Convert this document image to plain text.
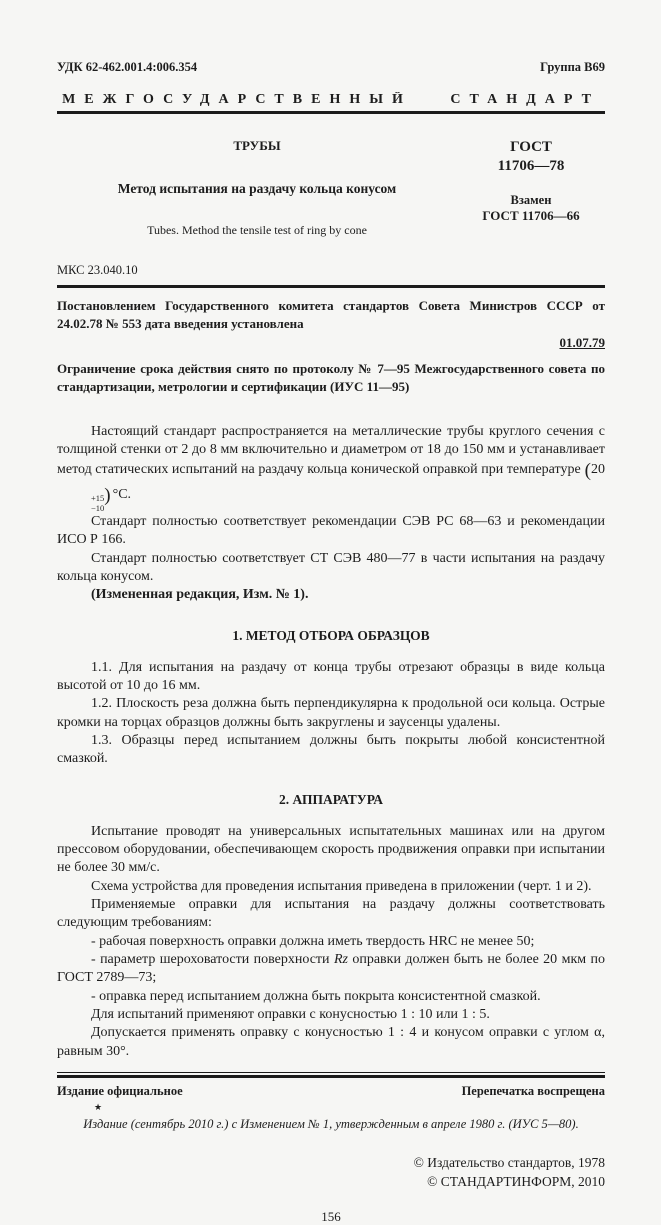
УДК 62-462.001.4:006.354	Группа В69
МЕЖГОСУДАРСТВЕННЫЙ СТАНДАРТ
ТРУБЫ
Метод испытания на раздачу кольца конусом
Tubes. Method the tensile test of ring by cone
ГОСТ
11706—78
Взамен
ГОСТ 11706—66
МКС 23.040.10
Постановлением Государственного комитета стандартов Совета Министров СССР от 24.02.78 № 553 дата введения установлена
01.07.79
Ограничение срока действия снято по протоколу № 7—95 Межгосударственного совета по стандартизации, метрологии и сертификации (ИУС 11—95)

Настоящий стандарт распространяется на металлические трубы круглого сечения с толщиной стенки от 2 до 8 мм включительно и диаметром от 18 до 150 мм и устанавливает метод статических испытаний на раздачу кольца конической оправкой при температуре (20
+15
−10
) °С.

Стандарт полностью соответствует рекомендации СЭВ РС 68—63 и рекомендации ИСО Р 166.

Стандарт полностью соответствует СТ СЭВ 480—77 в части испытания на раздачу кольца конусом.

(Измененная редакция, Изм. № 1).

1. МЕТОД ОТБОРА ОБРАЗЦОВ

1.1. Для испытания на раздачу от конца трубы отрезают образцы в виде кольца высотой от 10 до 16 мм.

1.2. Плоскость реза должна быть перпендикулярна к продольной оси кольца. Острые кромки на торцах образцов должны быть закруглены и заусенцы удалены.

1.3. Образцы перед испытанием должны быть покрыты любой консистентной смазкой.

2. АППАРАТУРА

Испытание проводят на универсальных испытательных машинах или на другом прессовом оборудовании, обеспечивающем скорость продвижения оправки при испытании не более 30 мм/с.

Схема устройства для проведения испытания приведена в приложении (черт. 1 и 2).

Применяемые оправки для испытания на раздачу должны соответствовать следующим требованиям:

- рабочая поверхность оправки должна иметь твердость HRC не менее 50;

- параметр шероховатости поверхности Rz оправки должен быть не более 20 мкм по ГОСТ 2789—73;

- оправка перед испытанием должна быть покрыта консистентной смазкой.

Для испытаний применяют оправки с конусностью 1 : 10 или 1 : 5.

Допускается применять оправку с конусностью 1 : 4 и конусом оправки с углом α, равным 30°.

Издание официальное	Перепечатка воспрещена
★
Издание (сентябрь 2010 г.) с Изменением № 1, утвержденным в апреле 1980 г. (ИУС 5—80).
© Издательство стандартов, 1978
© СТАНДАРТИНФОРМ, 2010
156
